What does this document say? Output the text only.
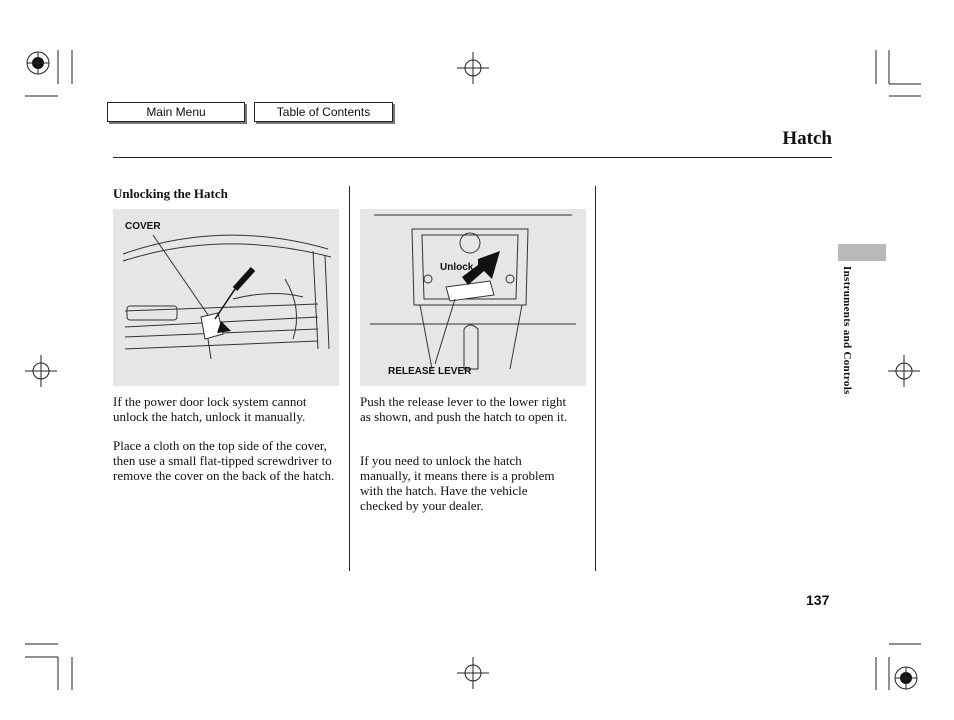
Main Menu	Table of Contents
Hatch
Unlocking the Hatch
COVER
Unlock
RELEASE LEVER

If the power door lock system cannot unlock the hatch, unlock it manually.

Place a cloth on the top side of the cover, then use a small flat-tipped screwdriver to remove the cover on the back of the hatch.

Push the release lever to the lower right as shown, and push the hatch to open it.

If you need to unlock the hatch manually, it means there is a problem with the hatch. Have the vehicle checked by your dealer.

Instruments and Controls
137
